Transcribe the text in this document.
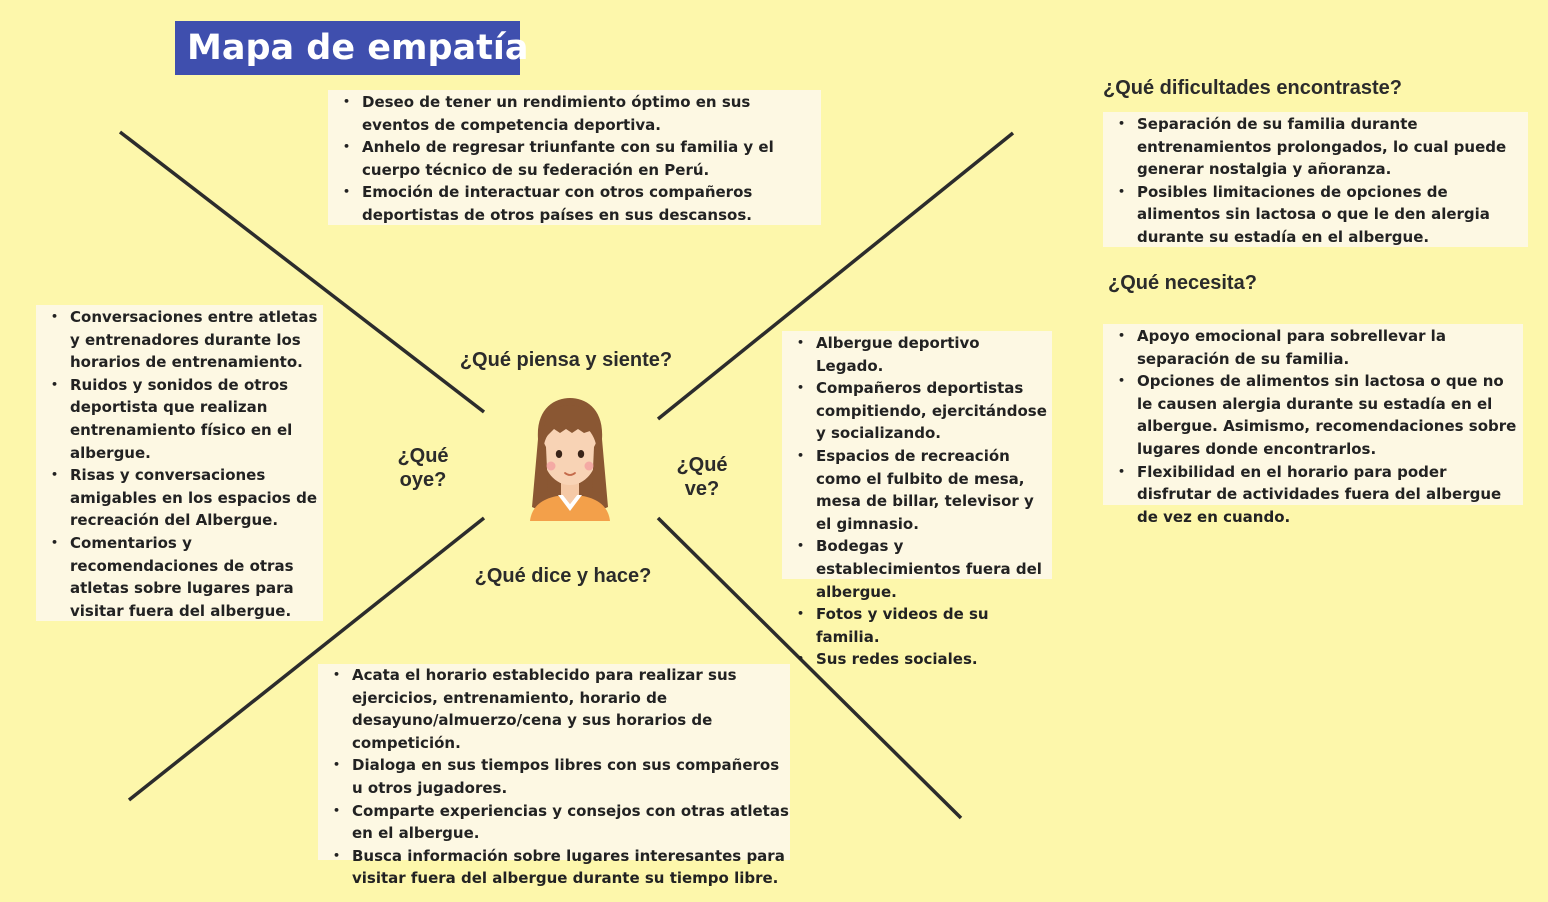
Mapa de empatía
• Deseo de tener un rendimiento óptimo en sus eventos de competencia deportiva.
• Anhelo de regresar triunfante con su familia y el cuerpo técnico de su federación en Perú.
• Emoción de interactuar con otros compañeros deportistas de otros países en sus descansos.
• Conversaciones entre atletas y entrenadores durante los horarios de entrenamiento.
• Ruidos y sonidos de otros deportista que realizan entrenamiento físico en el albergue.
• Risas y conversaciones amigables en los espacios de recreación del Albergue.
• Comentarios y recomendaciones de otras atletas sobre lugares para visitar fuera del albergue.
• Albergue deportivo Legado.
• Compañeros deportistas compitiendo, ejercitándose y socializando.
• Espacios de recreación como el fulbito de mesa, mesa de billar, televisor y el gimnasio.
• Bodegas y establecimientos fuera del albergue.
• Fotos y videos de su familia.
• Sus redes sociales.
• Acata el horario establecido para realizar sus ejercicios, entrenamiento, horario de desayuno/almuerzo/cena y sus horarios de competición.
• Dialoga en sus tiempos libres con sus compañeros u otros jugadores.
• Comparte experiencias y consejos con otras atletas en el albergue.
• Busca información sobre lugares interesantes para visitar fuera del albergue durante su tiempo libre.
¿Qué dificultades encontraste?
• Separación de su familia durante entrenamientos prolongados, lo cual puede generar nostalgia y añoranza.
• Posibles limitaciones de opciones de alimentos sin lactosa o que le den alergia durante su estadía en el albergue.
¿Qué necesita?
• Apoyo emocional para sobrellevar la separación de su familia.
• Opciones de alimentos sin lactosa o que no le causen alergia durante su estadía en el albergue. Asimismo, recomendaciones sobre lugares donde encontrarlos.
• Flexibilidad en el horario para poder disfrutar de actividades fuera del albergue de vez en cuando.
¿Qué piensa y siente?
¿Qué oye?
¿Qué ve?
¿Qué dice y hace?
